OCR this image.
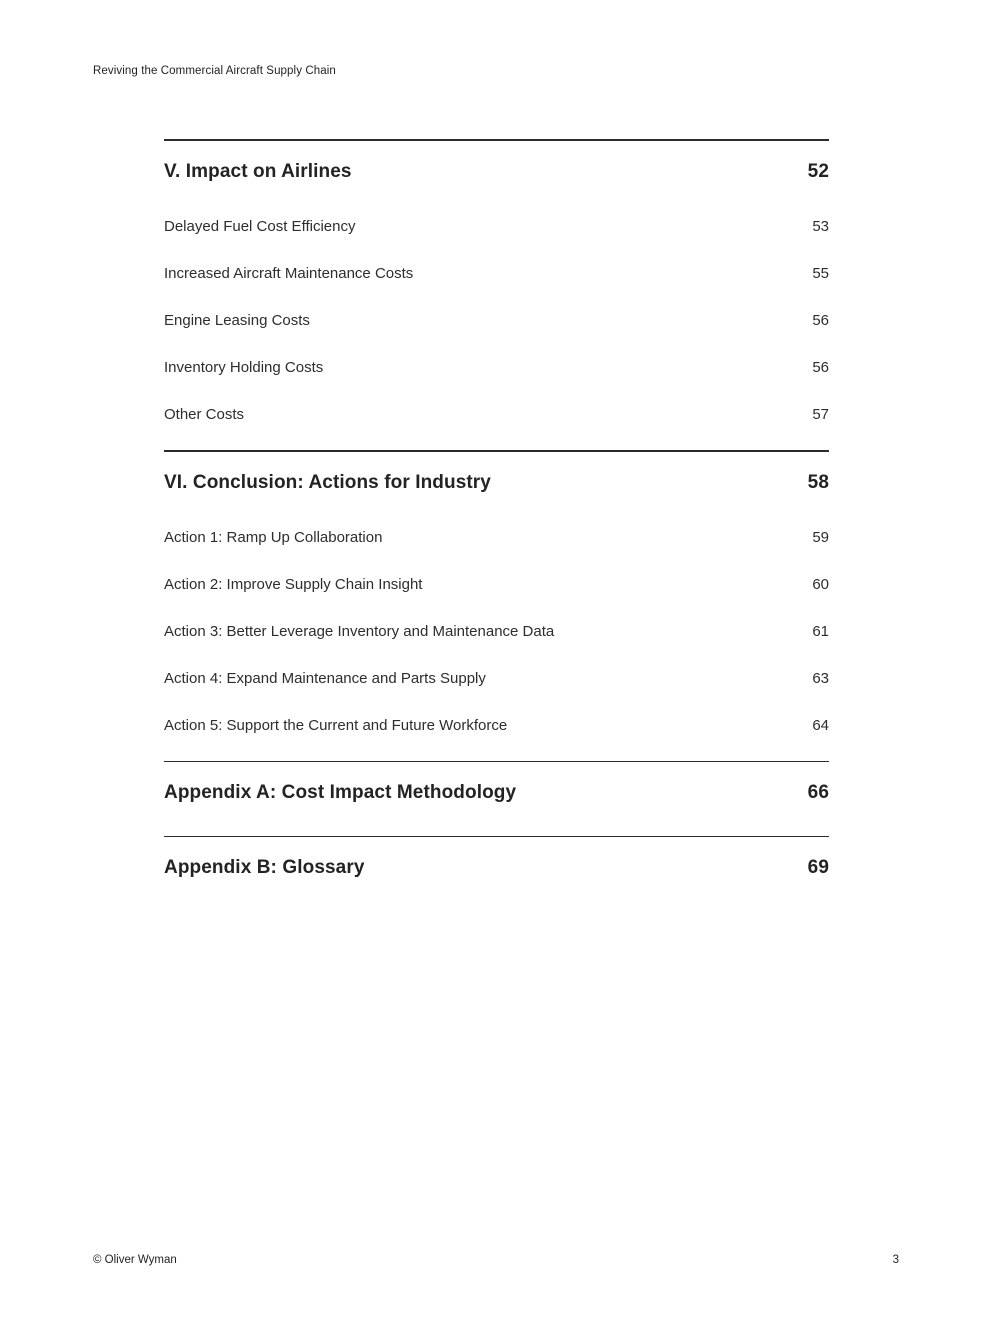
Reviving the Commercial Aircraft Supply Chain
V. Impact on Airlines	52
Delayed Fuel Cost Efficiency	53
Increased Aircraft Maintenance Costs	55
Engine Leasing Costs	56
Inventory Holding Costs	56
Other Costs	57
VI. Conclusion: Actions for Industry	58
Action 1: Ramp Up Collaboration	59
Action 2: Improve Supply Chain Insight	60
Action 3: Better Leverage Inventory and Maintenance Data	61
Action 4: Expand Maintenance and Parts Supply	63
Action 5: Support the Current and Future Workforce	64
Appendix A: Cost Impact Methodology	66
Appendix B: Glossary	69
© Oliver Wyman	3
